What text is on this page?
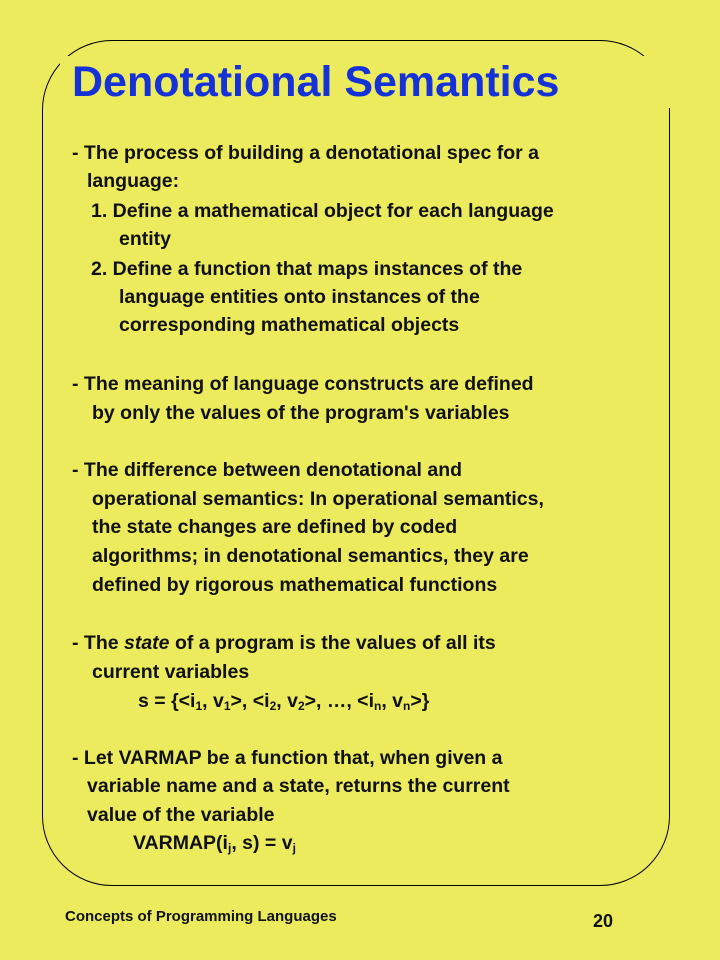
Denotational Semantics
- The process of building a denotational spec for a
language:
1. Define a mathematical object for each language
entity
2. Define a function that maps instances of the
language entities onto instances of the
corresponding mathematical objects
- The meaning of language constructs are defined
by only the values of the program's variables
- The difference between denotational and
operational semantics: In operational semantics,
the state changes are defined by coded
algorithms; in denotational semantics, they are
defined by rigorous mathematical functions
- The state of a program is the values of all its
current variables
$s = \{<i_1$, $v_1>$, $<i_2$, $v_2>$, …, $<i_n$, $v_n>$}
- Let VARMAP be a function that, when given a
variable name and a state, returns the current
value of the variable
$VARMAP(i_j$, $s) = v_j$
Concepts of Programming Languages	20
